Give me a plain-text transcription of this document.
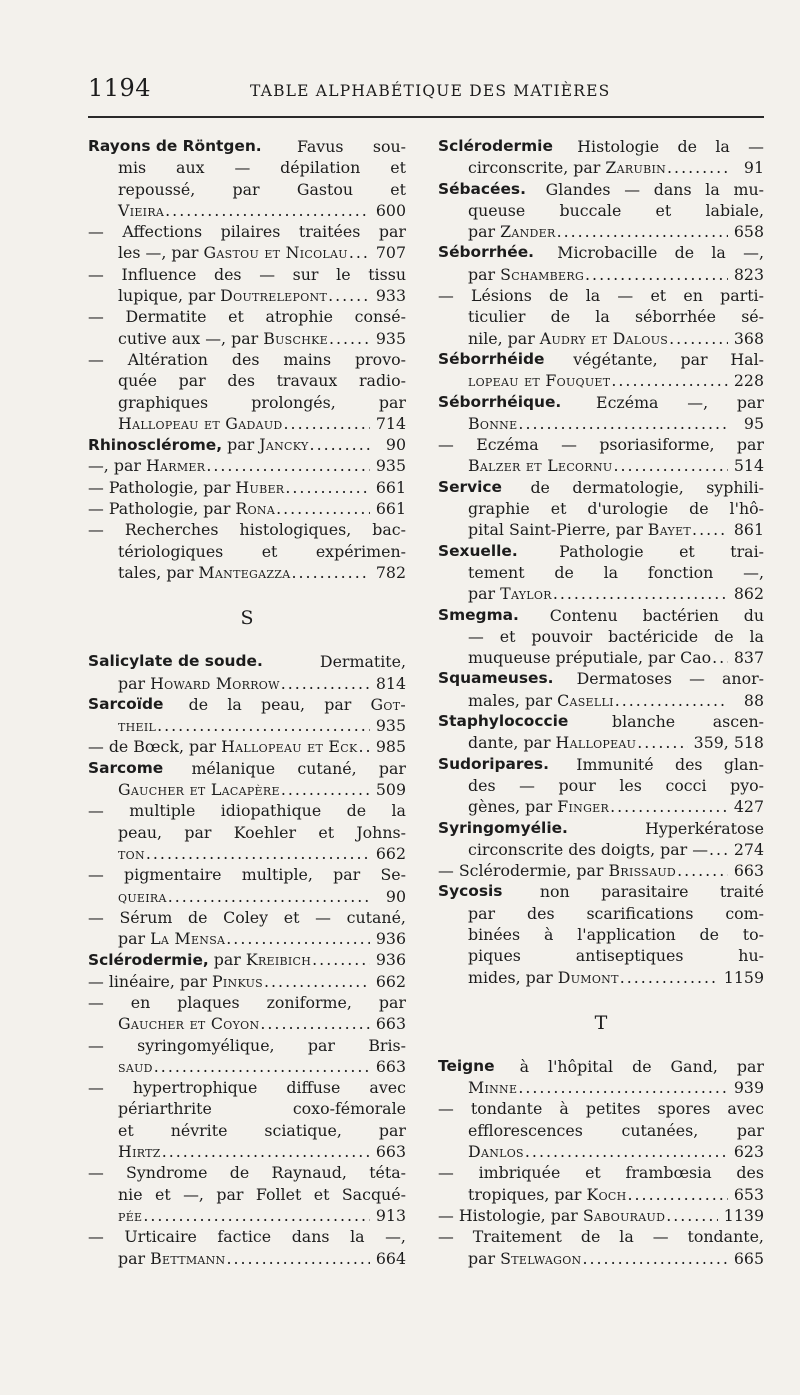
1194	TABLE ALPHABÉTIQUE DES MATIÈRES
Rayons de Röntgen. Favus sou-
mis aux — dépilation et
repoussé, par Gastou et
Vieira .....	600
— Affections pilaires traitées par
les —, par Gastou et Nicolau ..... 707
— Influence des — sur le tissu
lupique, par Doutrelepont .....	933
— Dermatite et atrophie consé-
cutive aux —, par Buschke .....	935
— Altération des mains provo-
quée par des travaux radio-
graphiques	prolongés,	par
Hallopeau et Gadaud .....	714
Rhinosclérome, par Jancky .....	90
—, par Harmer .....	935
— Pathologie, par Huber .....	661
— Pathologie, par Rona .....	661
— Recherches histologiques, bac-
tériologiques et expérimen-
tales, par Mantegazza .....	782
S
Salicylate de soude.	Dermatite,
par Howard Morrow .....	814
Sarcoïde de la peau, par Got-
theil .....	935
— de Bœck, par Hallopeau et Eck ..... 985
Sarcome mélanique cutané, par
Gaucher et Lacapère .....	509
— multiple idiopathique de la
peau, par Koehler et Johns-
ton .....	662
— pigmentaire multiple, par Se-
queira .....	90
— Sérum de Coley et — cutané,
par La Mensa .....	936
Sclérodermie, par Kreibich .....	936
— linéaire, par Pinkus .....	662
— en plaques zoniforme, par
Gaucher et Coyon .....	663
— syringomyélique, par Bris-
saud .....	663
— hypertrophique diffuse avec
périarthrite	coxo-fémorale
et névrite sciatique, par
Hirtz .....	663
— Syndrome de Raynaud, téta-
nie et —, par Follet et Sacqué-
pée .....	913
— Urticaire factice dans la —,
par Bettmann .....	664
Sclérodermie Histologie de la —
circonscrite, par Zarubin .....	91
Sébacées. Glandes — dans la mu-
queuse buccale et labiale,
par Zander .....	658
Séborrhée. Microbacille de la —,
par Schamberg .....	823
— Lésions de la — et en parti-
ticulier de la séborrhée sé-
nile, par Audry et Dalous .....	368
Séborrhéide végétante, par Hal-
lopeau et Fouquet .....	228
Séborrhéique. Eczéma —, par
Bonne .....	95
— Eczéma — psoriasiforme, par
Balzer et Lecornu .....	514
Service de dermatologie, syphili-
graphie et d'urologie de l'hô-
pital Saint-Pierre, par Bayet .....	861
Sexuelle.	Pathologie et trai-
tement de la fonction —,
par Taylor .....	862
Smegma. Contenu bactérien du
— et pouvoir bactéricide de la
muqueuse préputiale, par Cao ..... 837
Squameuses. Dermatoses — anor-
males, par Caselli .....	88
Staphylococcie	blanche ascen-
dante, par Hallopeau .....	359, 518
Sudoripares. Immunité des glan-
des — pour les cocci pyo-
gènes, par Finger .....	427
Syringomyélie.	Hyperkératose
circonscrite des doigts, par — ..... 274
— Sclérodermie, par Brissaud .....	663
Sycosis non parasitaire traité
par des scarifications com-
binées à l'application de to-
piques	antiseptiques	hu-
mides, par Dumont .....	1159
T
Teigne à l'hôpital de Gand, par
Minne .....	939
— tondante à petites spores avec
efflorescences cutanées, par
Danlos .....	623
— imbriquée et frambœsia des
tropiques, par Koch .....	653
— Histologie, par Sabouraud .....	1139
— Traitement de la — tondante,
par Stelwagon .....	665
